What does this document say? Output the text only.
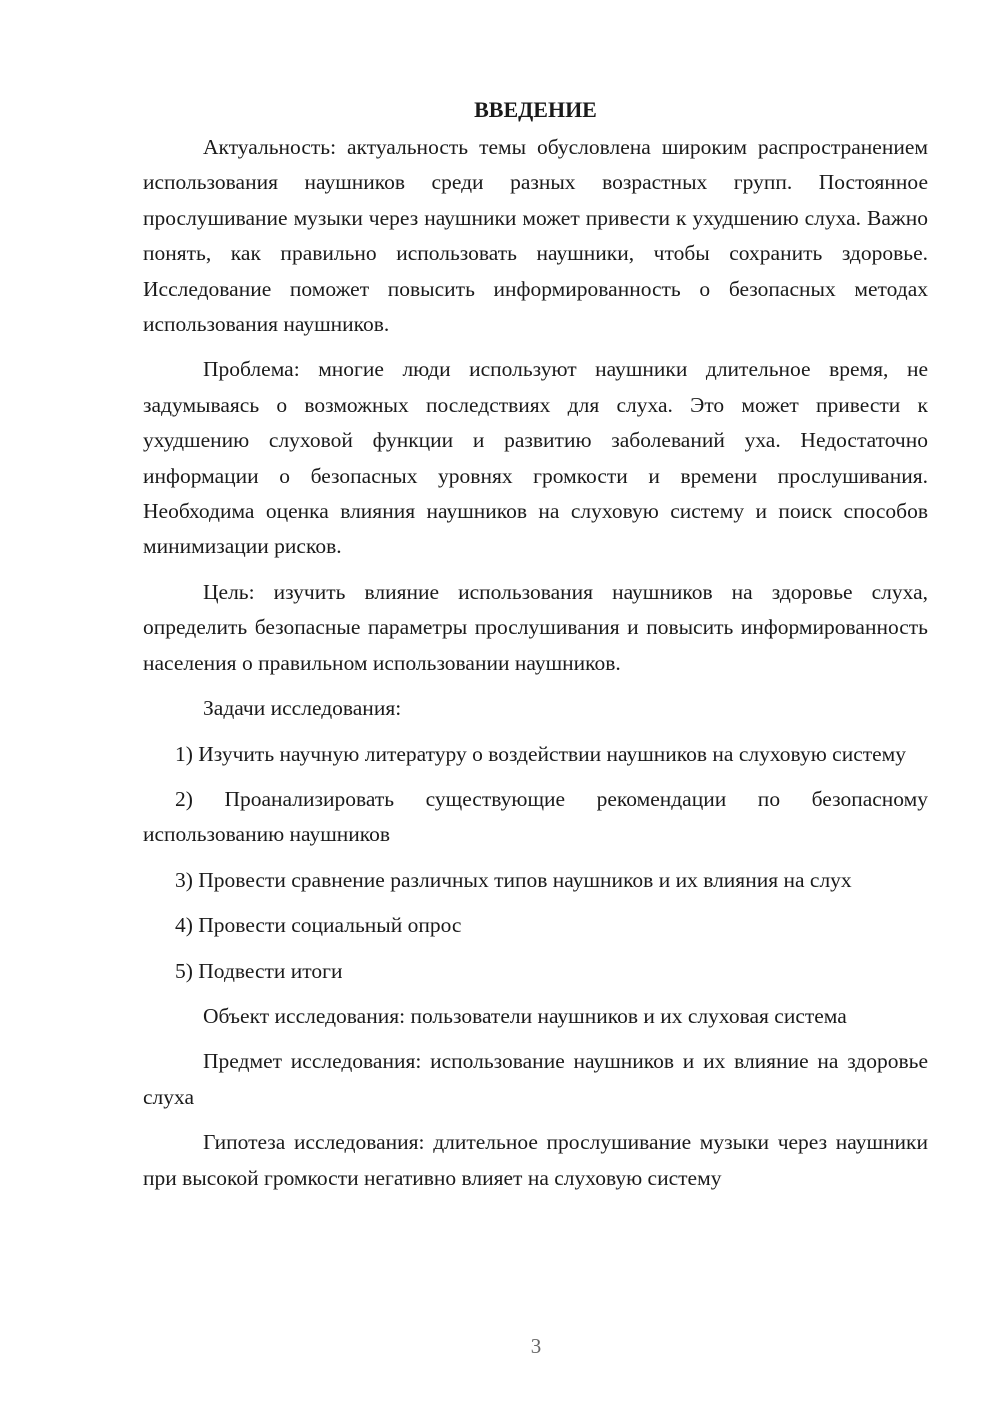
ВВЕДЕНИЕ

Актуальность: актуальность темы обусловлена широким распространением использования наушников среди разных возрастных групп. Постоянное прослушивание музыки через наушники может привести к ухудшению слуха. Важно понять, как правильно использовать наушники, чтобы сохранить здоровье. Исследование поможет повысить информированность о безопасных методах использования наушников.

Проблема: многие люди используют наушники длительное время, не задумываясь о возможных последствиях для слуха. Это может привести к ухудшению слуховой функции и развитию заболеваний уха. Недостаточно информации о безопасных уровнях громкости и времени прослушивания. Необходима оценка влияния наушников на слуховую систему и поиск способов минимизации рисков.

Цель: изучить влияние использования наушников на здоровье слуха, определить безопасные параметры прослушивания и повысить информированность населения о правильном использовании наушников.

Задачи исследования:

1) Изучить научную литературу о воздействии наушников на слуховую систему

2) Проанализировать существующие рекомендации по безопасному использованию наушников

3) Провести сравнение различных типов наушников и их влияния на слух

4) Провести социальный опрос

5) Подвести итоги

Объект исследования: пользователи наушников и их слуховая система

Предмет исследования: использование наушников и их влияние на здоровье слуха

Гипотеза исследования: длительное прослушивание музыки через наушники при высокой громкости негативно влияет на слуховую систему

3
